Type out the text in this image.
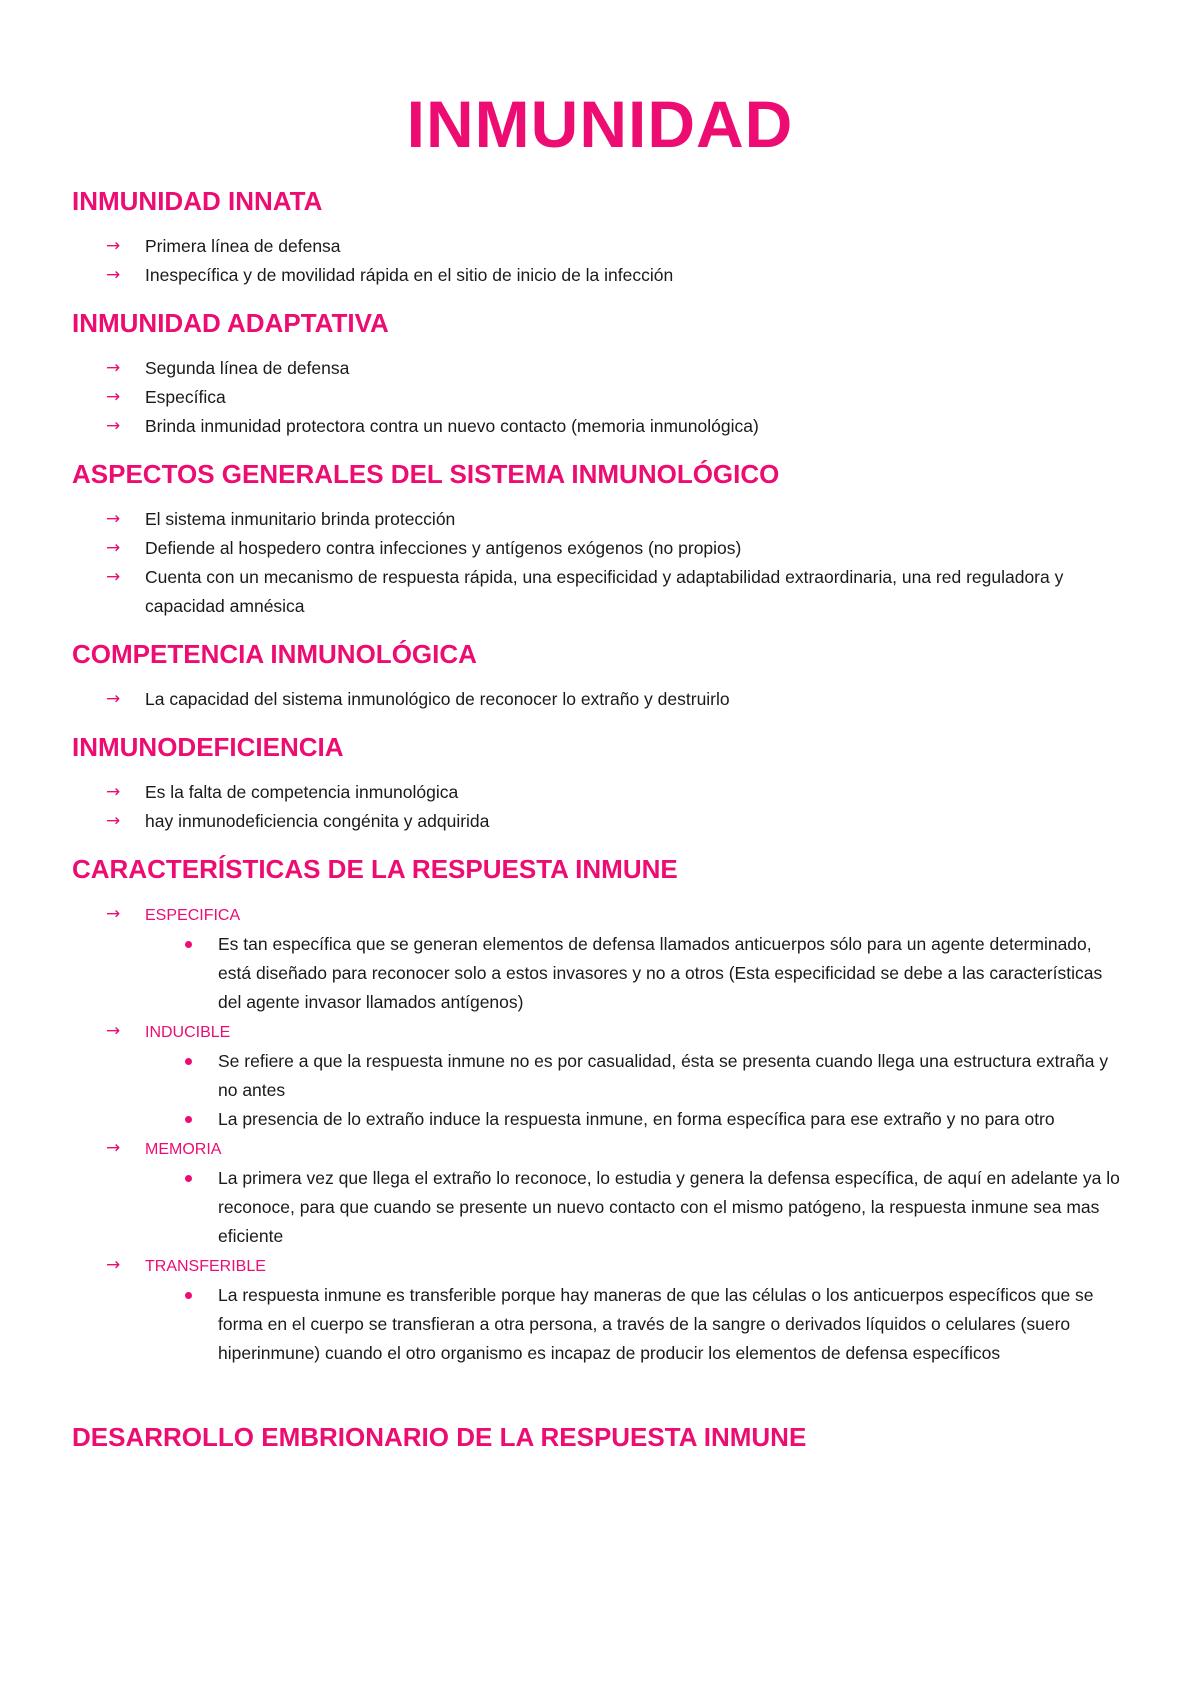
INMUNIDAD
INMUNIDAD INNATA
→ Primera línea de defensa
→ Inespecífica y de movilidad rápida en el sitio de inicio de la infección
INMUNIDAD ADAPTATIVA
→ Segunda línea de defensa
→ Específica
→ Brinda inmunidad protectora contra un nuevo contacto (memoria inmunológica)
ASPECTOS GENERALES DEL SISTEMA INMUNOLÓGICO
→ El sistema inmunitario brinda protección
→ Defiende al hospedero contra infecciones y antígenos exógenos (no propios)
→ Cuenta con un mecanismo de respuesta rápida, una especificidad y adaptabilidad extraordinaria, una red reguladora y capacidad amnésica
COMPETENCIA INMUNOLÓGICA
→ La capacidad del sistema inmunológico de reconocer lo extraño y destruirlo
INMUNODEFICIENCIA
→ Es la falta de competencia inmunológica
→ hay inmunodeficiencia congénita y adquirida
CARACTERÍSTICAS DE LA RESPUESTA INMUNE
→ ESPECIFICA
Es tan específica que se generan elementos de defensa llamados anticuerpos sólo para un agente determinado, está diseñado para reconocer solo a estos invasores y no a otros (Esta especificidad se debe a las características del agente invasor llamados antígenos)
→ INDUCIBLE
Se refiere a que la respuesta inmune no es por casualidad, ésta se presenta cuando llega una estructura extraña y no antes
La presencia de lo extraño induce la respuesta inmune, en forma específica para ese extraño y no para otro
→ MEMORIA
La primera vez que llega el extraño lo reconoce, lo estudia y genera la defensa específica, de aquí en adelante ya lo reconoce, para que cuando se presente un nuevo contacto con el mismo patógeno, la respuesta inmune sea mas eficiente
→ TRANSFERIBLE
La respuesta inmune es transferible porque hay maneras de que las células o los anticuerpos específicos que se forma en el cuerpo se transfieran a otra persona, a través de la sangre o derivados líquidos o celulares (suero hiperinmune) cuando el otro organismo es incapaz de producir los elementos de defensa específicos
DESARROLLO EMBRIONARIO DE LA RESPUESTA INMUNE
